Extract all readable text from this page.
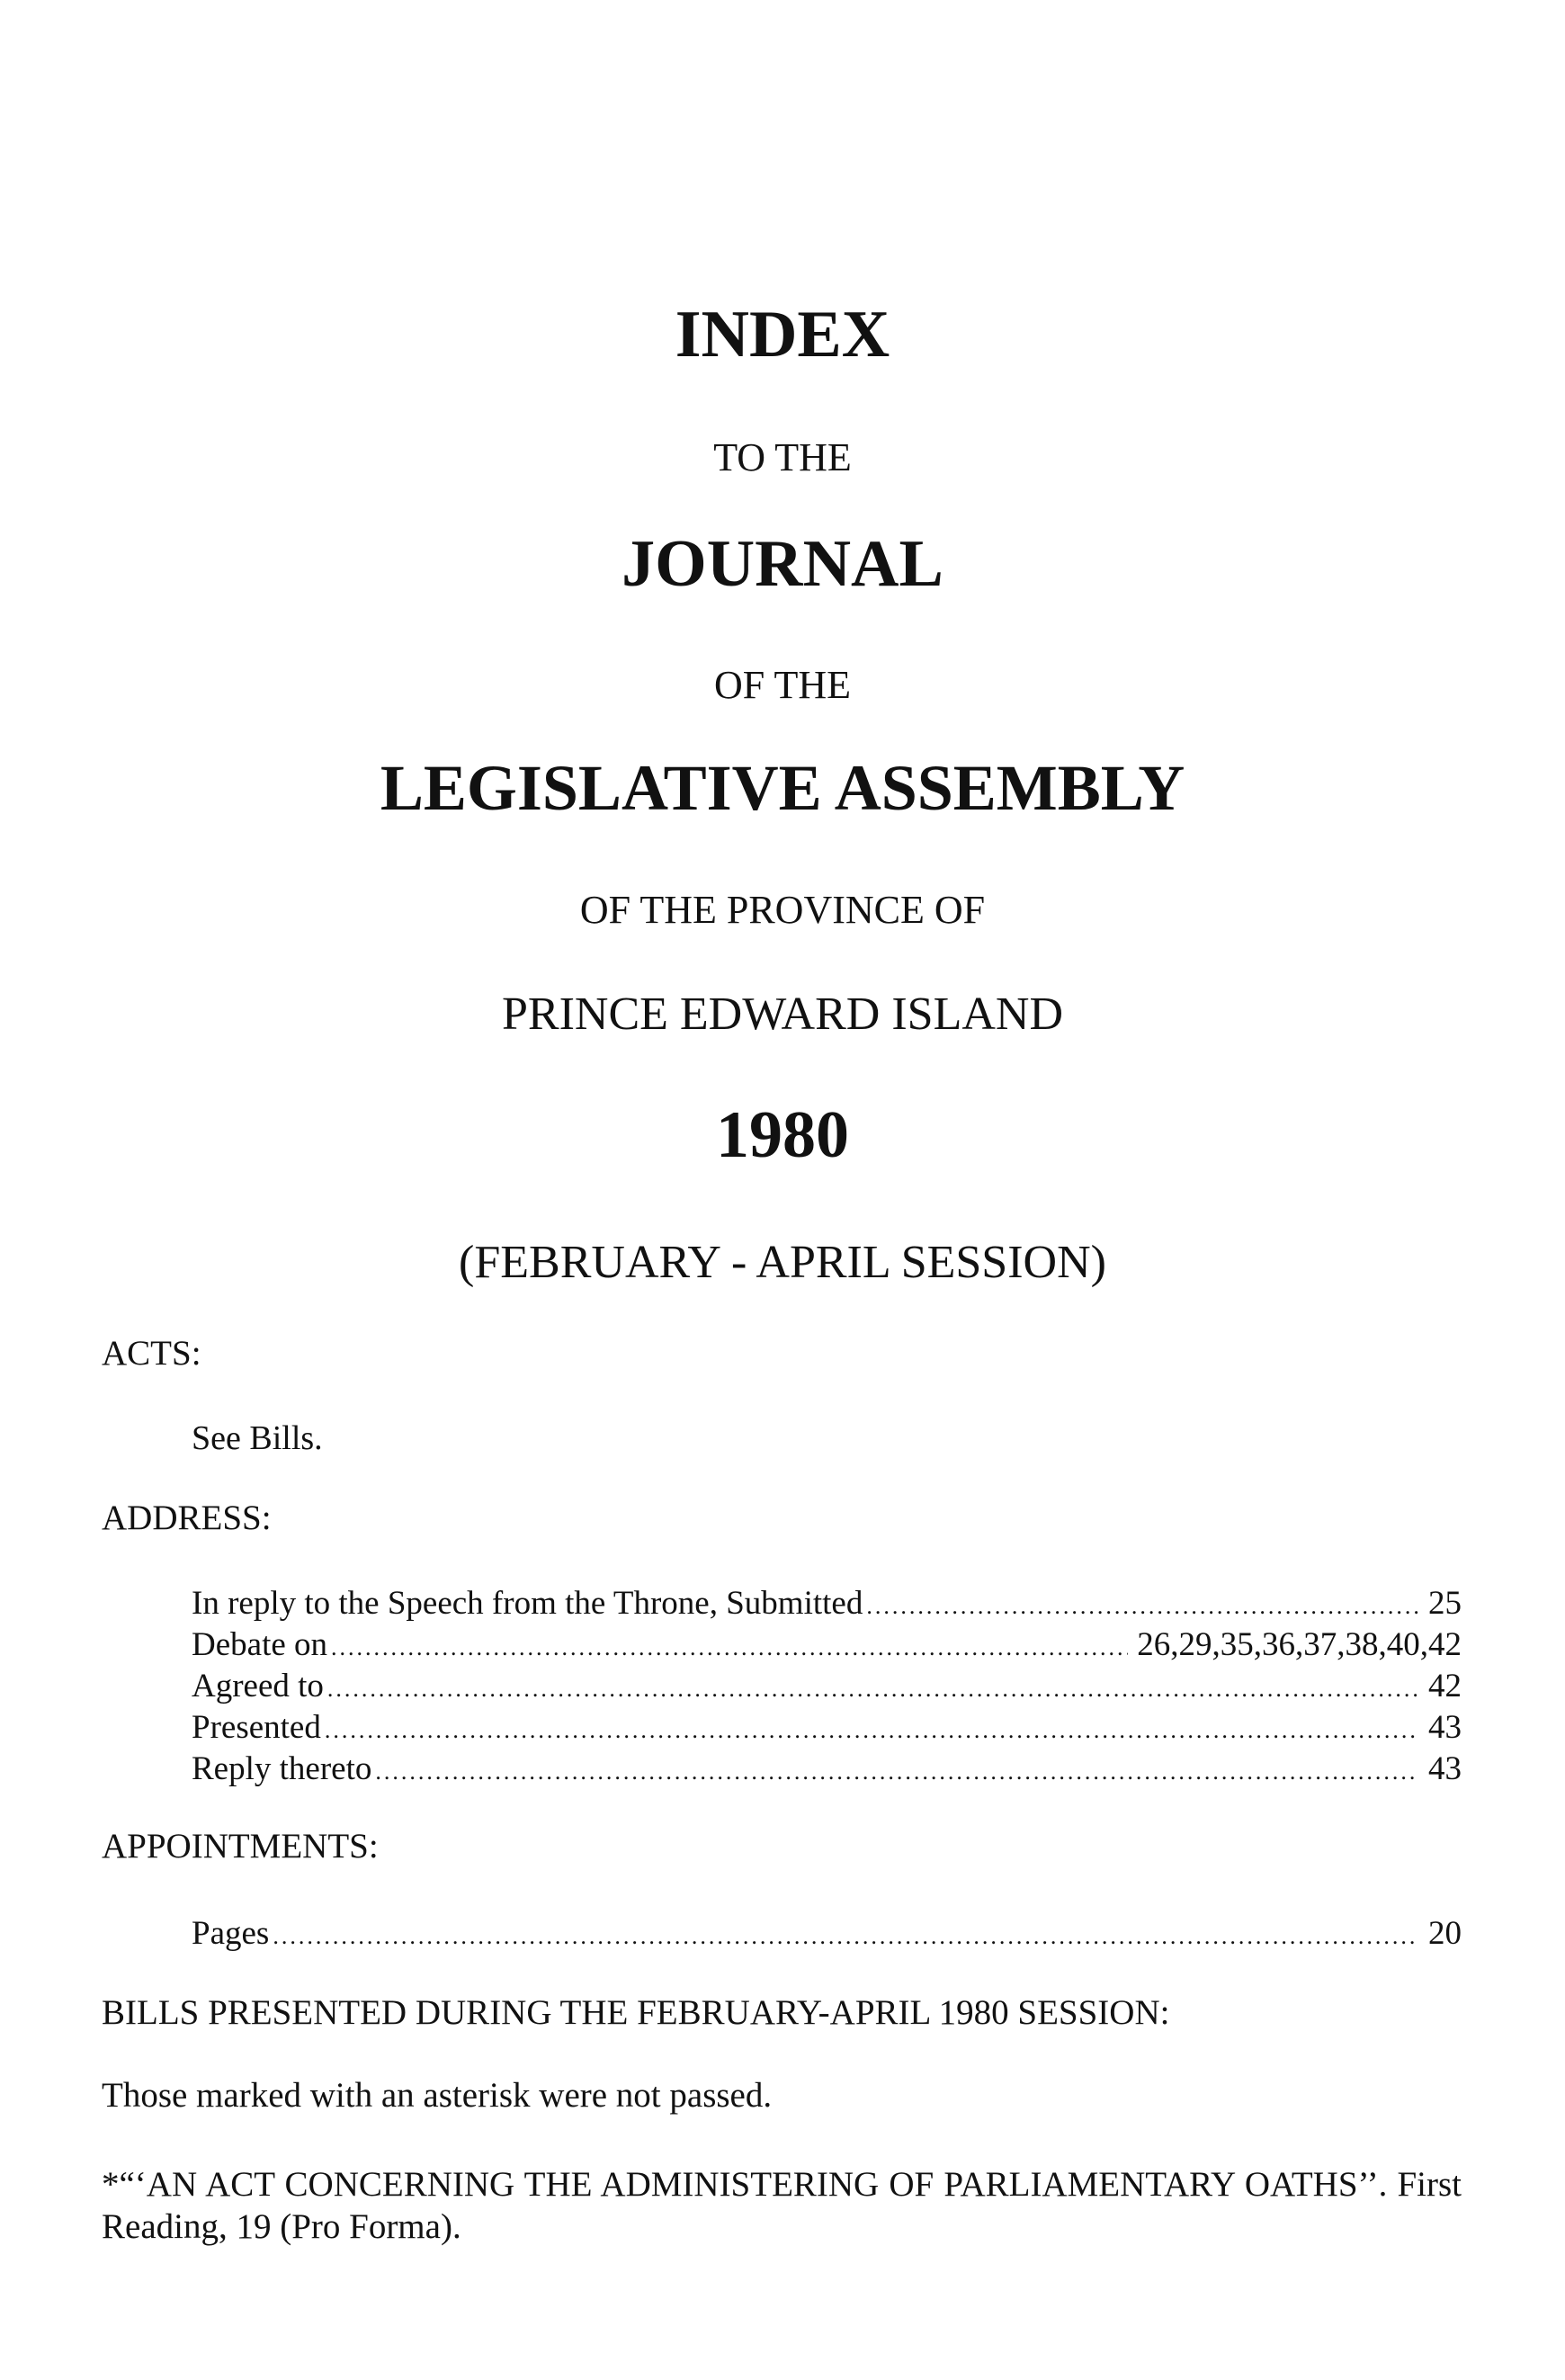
INDEX
TO THE
JOURNAL
OF THE
LEGISLATIVE ASSEMBLY
OF THE PROVINCE OF
PRINCE EDWARD ISLAND
1980
(FEBRUARY - APRIL SESSION)
ACTS:
See Bills.
ADDRESS:
In reply to the Speech from the Throne, Submitted .....	25
Debate on .....	26,29,35,36,37,38,40,42
Agreed to .....	42
Presented .....	43
Reply thereto .....	43
APPOINTMENTS:
Pages .....	20
BILLS PRESENTED DURING THE FEBRUARY-APRIL 1980 SESSION:
Those marked with an asterisk were not passed.
*“‘AN ACT CONCERNING THE ADMINISTERING OF PARLIAMENTARY OATHS’’. First Reading, 19 (Pro Forma).
